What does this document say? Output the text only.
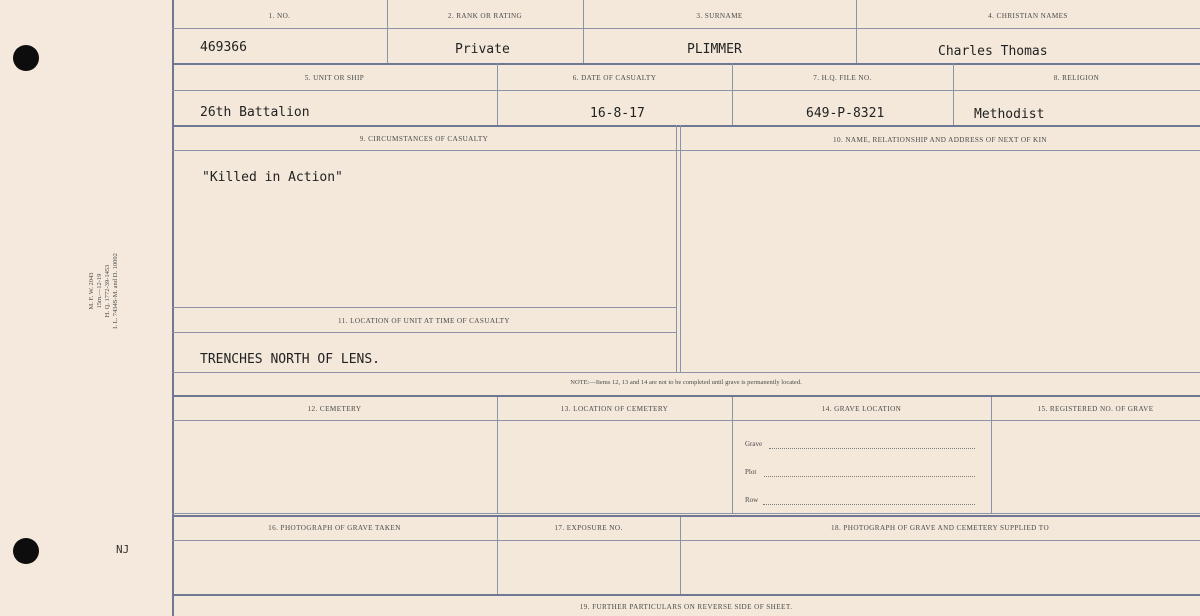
M. F. W. 2043 15m.—12-19 H. Q. 1772-39-1453 I. L. 7434S-M. and D. 10002
NJ
1. NO.	2. RANK OR RATING	3. SURNAME	4. CHRISTIAN NAMES
469366	Private	PLIMMER	Charles Thomas
5. UNIT OR SHIP	6. DATE OF CASUALTY	7. H.Q. FILE NO.	8. RELIGION
26th Battalion	16-8-17	649-P-8321	Methodist
9. CIRCUMSTANCES OF CASUALTY	10. NAME, RELATIONSHIP AND ADDRESS OF NEXT OF KIN
"Killed in Action"
11. LOCATION OF UNIT AT TIME OF CASUALTY
TRENCHES NORTH OF LENS.
NOTE:—Items 12, 13 and 14 are not to be completed until grave is permanently located.
12. CEMETERY	13. LOCATION OF CEMETERY	14. GRAVE LOCATION	15. REGISTERED NO. OF GRAVE
Grave
Plot
Row
16. PHOTOGRAPH OF GRAVE TAKEN	17. EXPOSURE NO.	18. PHOTOGRAPH OF GRAVE AND CEMETERY SUPPLIED TO
19. FURTHER PARTICULARS ON REVERSE SIDE OF SHEET.
